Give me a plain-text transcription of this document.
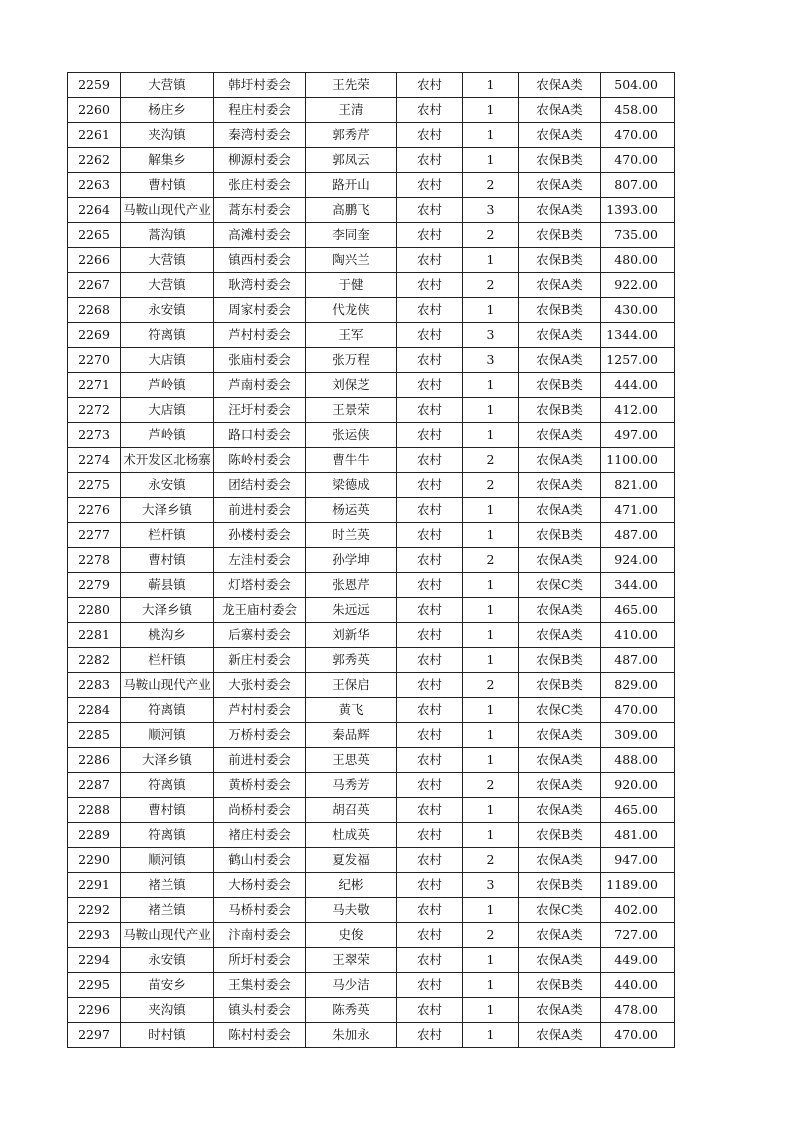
2259	大营镇	韩圩村委会	王先荣	农村	1	农保A类	504.00
2260	杨庄乡	程庄村委会	王清	农村	1	农保A类	458.00
2261	夹沟镇	秦湾村委会	郭秀芹	农村	1	农保A类	470.00
2262	解集乡	柳源村委会	郭凤云	农村	1	农保B类	470.00
2263	曹村镇	张庄村委会	路开山	农村	2	农保A类	807.00
2264	马鞍山现代产业	蒿东村委会	高鹏飞	农村	3	农保A类	1393.00
2265	蒿沟镇	高滩村委会	李同奎	农村	2	农保B类	735.00
2266	大营镇	镇西村委会	陶兴兰	农村	1	农保B类	480.00
2267	大营镇	耿湾村委会	于健	农村	2	农保A类	922.00
2268	永安镇	周家村委会	代龙侠	农村	1	农保B类	430.00
2269	符离镇	芦村村委会	王军	农村	3	农保A类	1344.00
2270	大店镇	张庙村委会	张万程	农村	3	农保A类	1257.00
2271	芦岭镇	芦南村委会	刘保芝	农村	1	农保B类	444.00
2272	大店镇	汪圩村委会	王景荣	农村	1	农保B类	412.00
2273	芦岭镇	路口村委会	张运侠	农村	1	农保A类	497.00
2274	术开发区北杨寨	陈岭村委会	曹牛牛	农村	2	农保A类	1100.00
2275	永安镇	团结村委会	梁德成	农村	2	农保A类	821.00
2276	大泽乡镇	前进村委会	杨运英	农村	1	农保A类	471.00
2277	栏杆镇	孙楼村委会	时兰英	农村	1	农保B类	487.00
2278	曹村镇	左洼村委会	孙学坤	农村	2	农保A类	924.00
2279	蕲县镇	灯塔村委会	张恩芹	农村	1	农保C类	344.00
2280	大泽乡镇	龙王庙村委会	朱远远	农村	1	农保A类	465.00
2281	桃沟乡	后寨村委会	刘新华	农村	1	农保A类	410.00
2282	栏杆镇	新庄村委会	郭秀英	农村	1	农保B类	487.00
2283	马鞍山现代产业	大张村委会	王保启	农村	2	农保B类	829.00
2284	符离镇	芦村村委会	黄飞	农村	1	农保C类	470.00
2285	顺河镇	万桥村委会	秦品辉	农村	1	农保A类	309.00
2286	大泽乡镇	前进村委会	王思英	农村	1	农保A类	488.00
2287	符离镇	黄桥村委会	马秀芳	农村	2	农保A类	920.00
2288	曹村镇	尚桥村委会	胡召英	农村	1	农保A类	465.00
2289	符离镇	褚庄村委会	杜成英	农村	1	农保B类	481.00
2290	顺河镇	鹤山村委会	夏发福	农村	2	农保A类	947.00
2291	褚兰镇	大杨村委会	纪彬	农村	3	农保B类	1189.00
2292	褚兰镇	马桥村委会	马夫敬	农村	1	农保C类	402.00
2293	马鞍山现代产业	汴南村委会	史俊	农村	2	农保A类	727.00
2294	永安镇	所圩村委会	王翠荣	农村	1	农保A类	449.00
2295	苗安乡	王集村委会	马少洁	农村	1	农保B类	440.00
2296	夹沟镇	镇头村委会	陈秀英	农村	1	农保A类	478.00
2297	时村镇	陈村村委会	朱加永	农村	1	农保A类	470.00
